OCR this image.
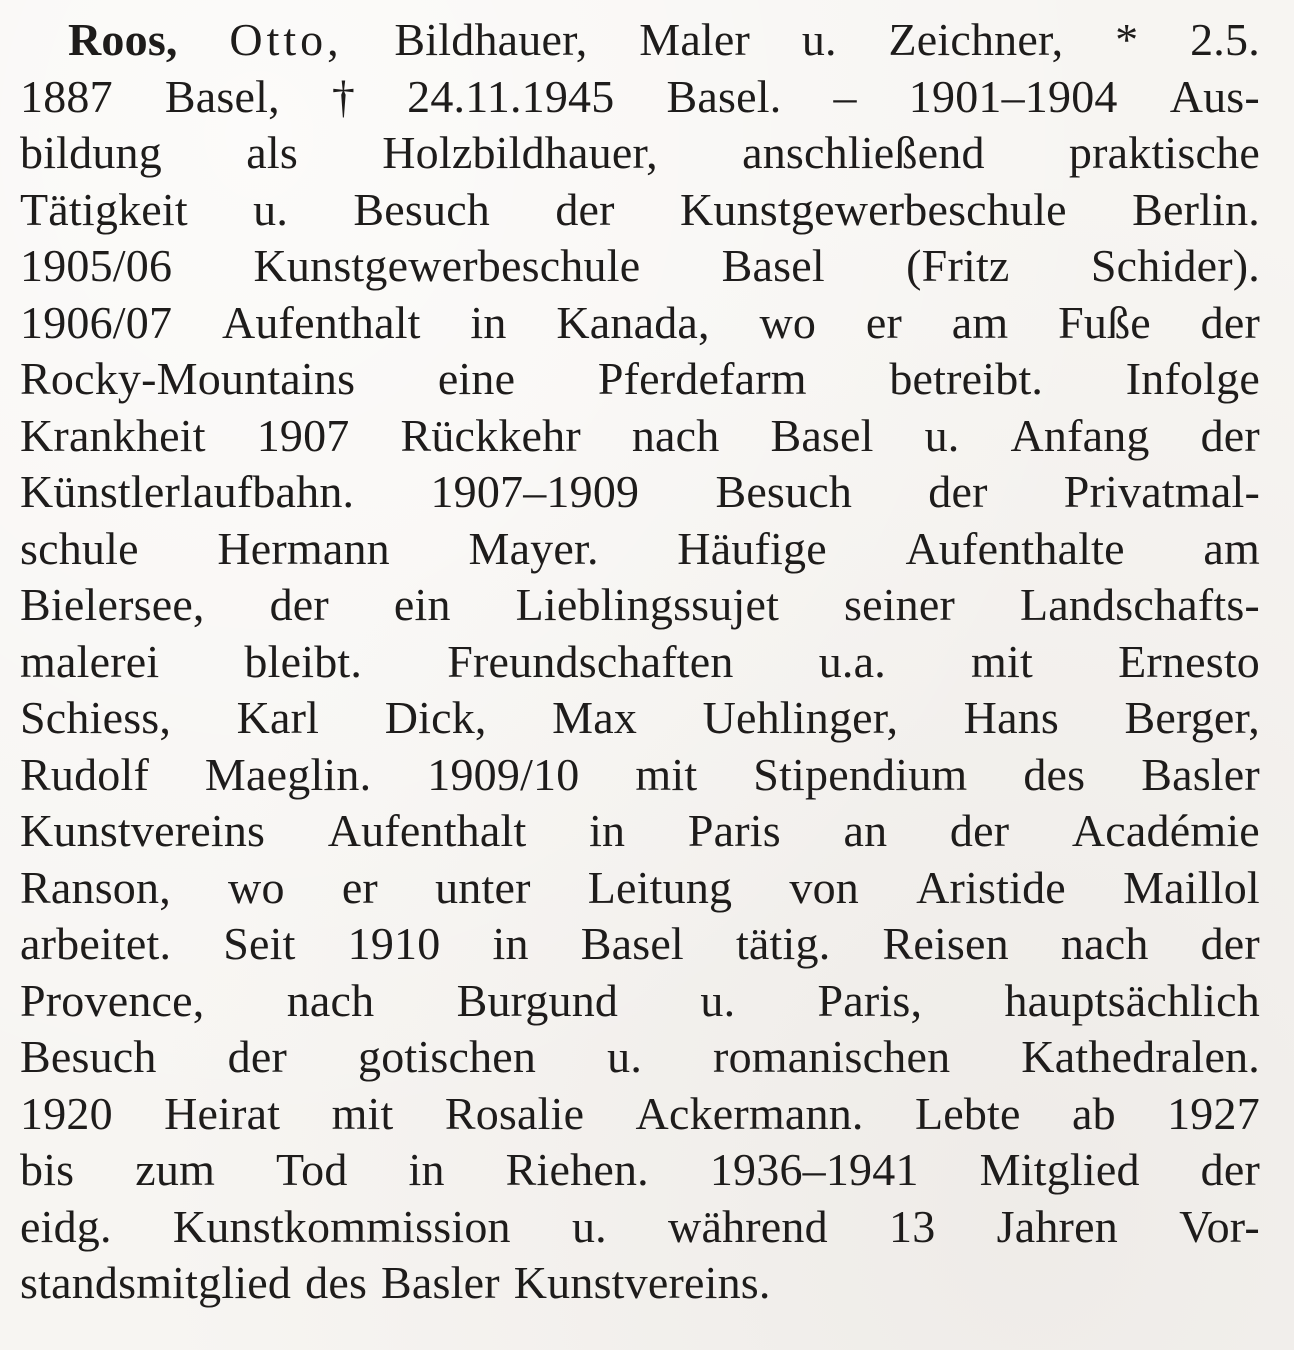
Roos, Otto, Bildhauer, Maler u. Zeichner, * 2.5.
1887 Basel, † 24.11.1945 Basel. – 1901–1904 Aus-
bildung als Holzbildhauer, anschließend praktische
Tätigkeit u. Besuch der Kunstgewerbeschule Berlin.
1905/06 Kunstgewerbeschule Basel (Fritz Schider).
1906/07 Aufenthalt in Kanada, wo er am Fuße der
Rocky-Mountains eine Pferdefarm betreibt. Infolge
Krankheit 1907 Rückkehr nach Basel u. Anfang der
Künstlerlaufbahn. 1907–1909 Besuch der Privatmal-
schule Hermann Mayer. Häufige Aufenthalte am
Bielersee, der ein Lieblingssujet seiner Landschafts-
malerei bleibt. Freundschaften u.a. mit Ernesto
Schiess, Karl Dick, Max Uehlinger, Hans Berger,
Rudolf Maeglin. 1909/10 mit Stipendium des Basler
Kunstvereins Aufenthalt in Paris an der Académie
Ranson, wo er unter Leitung von Aristide Maillol
arbeitet. Seit 1910 in Basel tätig. Reisen nach der
Provence, nach Burgund u. Paris, hauptsächlich
Besuch der gotischen u. romanischen Kathedralen.
1920 Heirat mit Rosalie Ackermann. Lebte ab 1927
bis zum Tod in Riehen. 1936–1941 Mitglied der
eidg. Kunstkommission u. während 13 Jahren Vor-
standsmitglied des Basler Kunstvereins.
